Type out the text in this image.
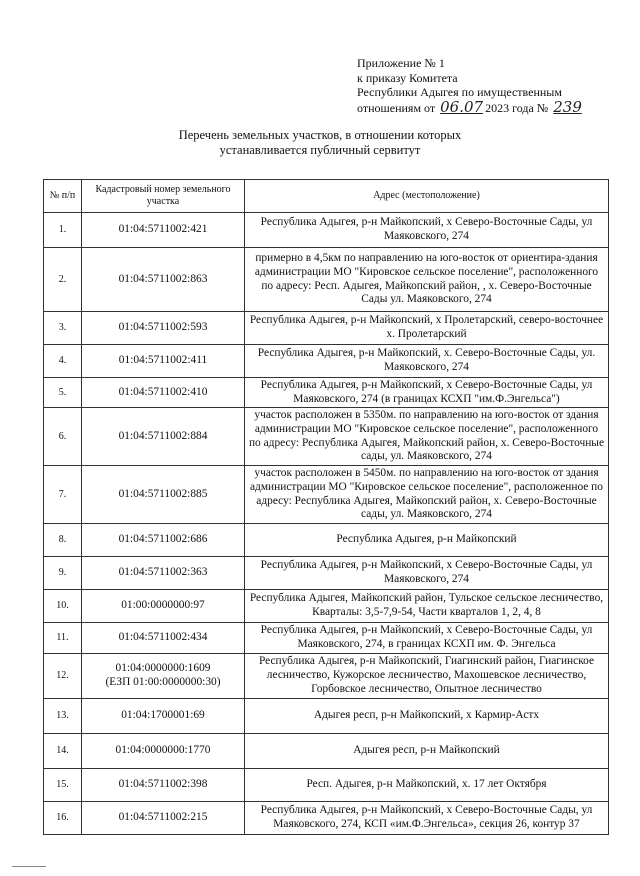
Приложение № 1
к приказу Комитета
Республики Адыгея по имущественным
отношениям от 06.07 2023 года № 239
Перечень земельных участков, в отношении которых
устанавливается публичный сервитут
№ п/п	Кадастровый номер земельного участка	Адрес (местоположение)
1.	01:04:5711002:421	Республика Адыгея, р-н Майкопский, х Северо-Восточные Сады, ул Маяковского, 274
2.	01:04:5711002:863	примерно в 4,5км по направлению на юго-восток от ориентира-здания администрации МО "Кировское сельское поселение", расположенного по адресу: Респ. Адыгея, Майкопский район, , х. Северо-Восточные Сады ул. Маяковского, 274
3.	01:04:5711002:593	Республика Адыгея, р-н Майкопский, х Пролетарский, северо-восточнее х. Пролетарский
4.	01:04:5711002:411	Республика Адыгея, р-н Майкопский, х. Северо-Восточные Сады, ул. Маяковского, 274
5.	01:04:5711002:410	Республика Адыгея, р-н Майкопский, х Северо-Восточные Сады, ул Маяковского, 274 (в границах КСХП "им.Ф.Энгельса")
6.	01:04:5711002:884	участок расположен в 5350м. по направлению на юго-восток от здания администрации МО "Кировское сельское поселение", расположенного по адресу: Республика Адыгея, Майкопский район, х. Северо-Восточные сады, ул. Маяковского, 274
7.	01:04:5711002:885	участок расположен в 5450м. по направлению на юго-восток от здания администрации МО "Кировское сельское поселение", расположенное по адресу: Республика Адыгея, Майкопский район, х. Северо-Восточные сады, ул. Маяковского, 274
8.	01:04:5711002:686	Республика Адыгея, р-н Майкопский
9.	01:04:5711002:363	Республика Адыгея, р-н Майкопский, х Северо-Восточные Сады, ул Маяковского, 274
10.	01:00:0000000:97	Республика Адыгея, Майкопский район, Тульское сельское лесничество, Кварталы: 3,5-7,9-54, Части кварталов 1, 2, 4, 8
11.	01:04:5711002:434	Республика Адыгея, р-н Майкопский, х Северо-Восточные Сады, ул Маяковского, 274, в границах КСХП им. Ф. Энгельса
12.	01:04:0000000:1609
(ЕЗП 01:00:0000000:30)	Республика Адыгея, р-н Майкопский, Гиагинский район, Гиагинское лесничество, Кужорское лесничество, Махошевское лесничество, Горбовское лесничество, Опытное лесничество
13.	01:04:1700001:69	Адыгея респ, р-н Майкопский, х Кармир-Астх
14.	01:04:0000000:1770	Адыгея респ, р-н Майкопский
15.	01:04:5711002:398	Респ. Адыгея, р-н Майкопский, х. 17 лет Октября
16.	01:04:5711002:215	Республика Адыгея, р-н Майкопский, х Северо-Восточные Сады, ул Маяковского, 274, КСП «им.Ф.Энгельса», секция 26, контур 37
